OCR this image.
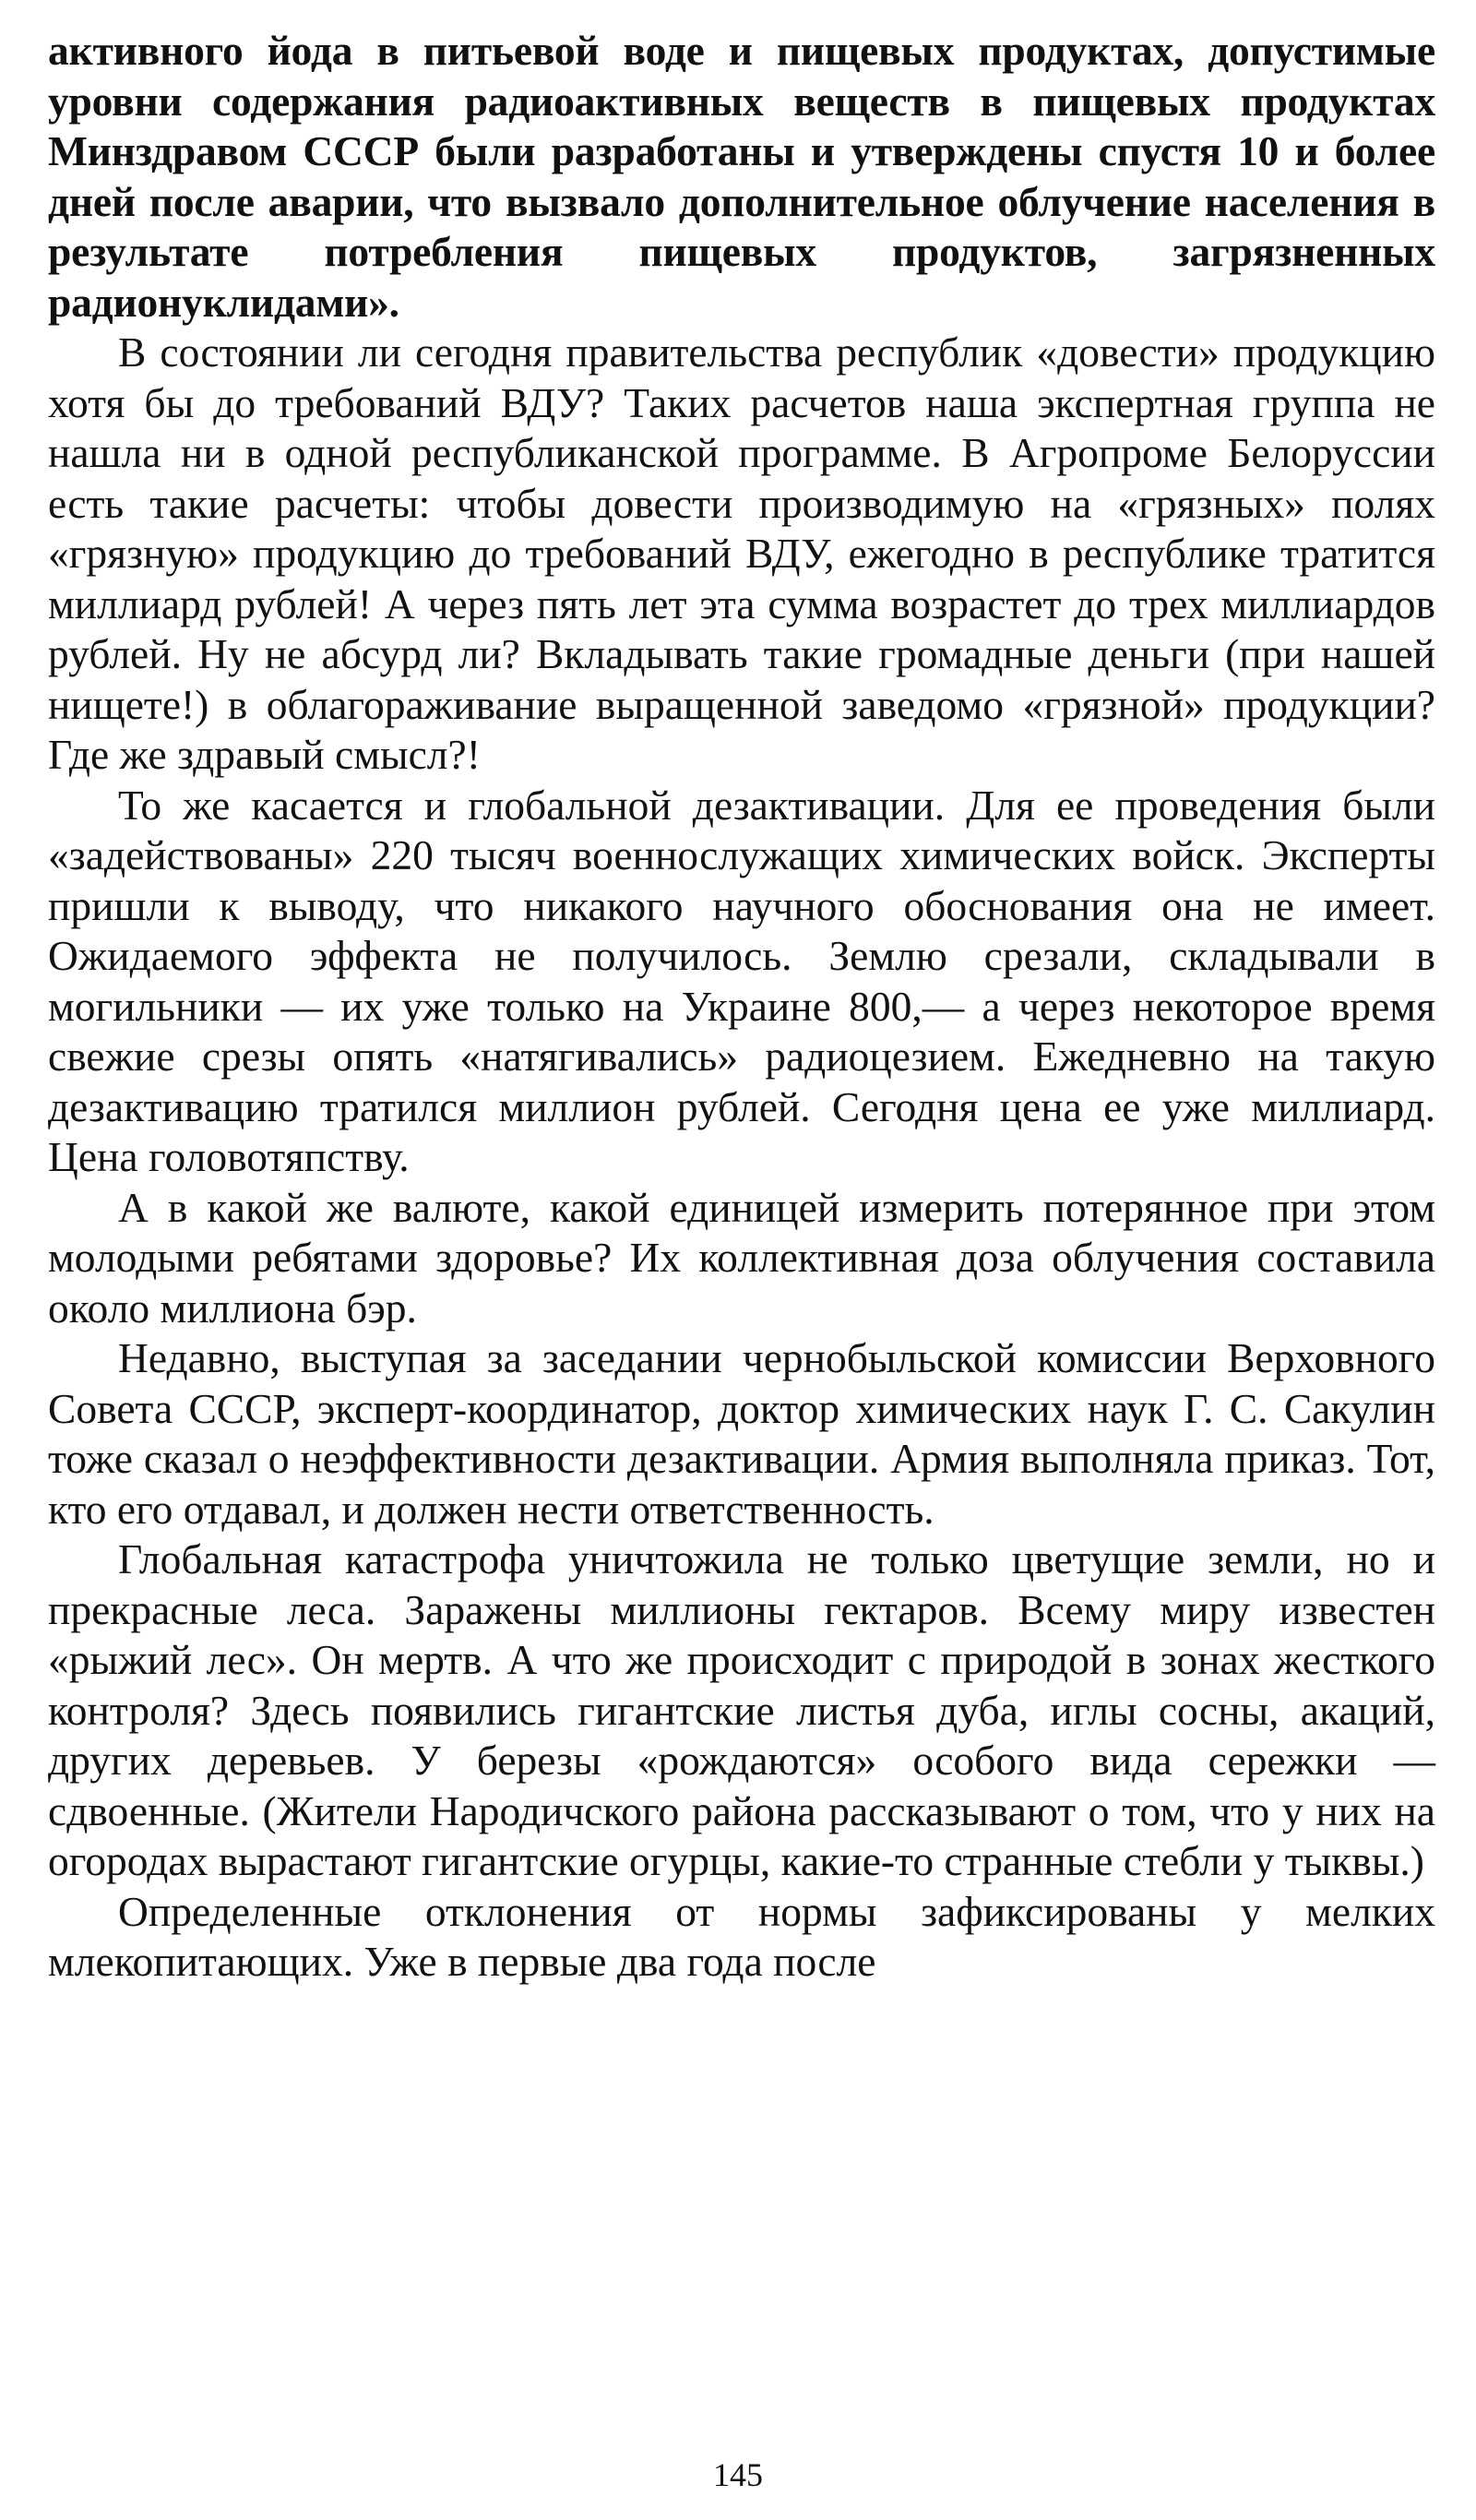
активного йода в питьевой воде и пищевых продуктах, допустимые уровни содержания радиоактивных веществ в пищевых продуктах Минздравом СССР были разработаны и утверждены спустя 10 и более дней после аварии, что вызвало дополнительное облучение населения в результате потребления пищевых продуктов, загрязненных радионуклидами».

В состоянии ли сегодня правительства республик «довести» продукцию хотя бы до требований ВДУ? Таких расчетов наша экспертная группа не нашла ни в одной республиканской программе. В Агропроме Белоруссии есть такие расчеты: чтобы довести производимую на «грязных» полях «грязную» продукцию до требований ВДУ, ежегодно в республике тратится миллиард рублей! А через пять лет эта сумма возрастет до трех миллиардов рублей. Ну не абсурд ли? Вкладывать такие громадные деньги (при нашей нищете!) в облагораживание выращенной заведомо «грязной» продукции? Где же здравый смысл?!

То же касается и глобальной дезактивации. Для ее проведения были «задействованы» 220 тысяч военнослужащих химических войск. Эксперты пришли к выводу, что никакого научного обоснования она не имеет. Ожидаемого эффекта не получилось. Землю срезали, складывали в могильники — их уже только на Украине 800,— а через некоторое время свежие срезы опять «натягивались» радиоцезием. Ежедневно на такую дезактивацию тратился миллион рублей. Сегодня цена ее уже миллиард. Цена головотяпству.

А в какой же валюте, какой единицей измерить потерянное при этом молодыми ребятами здоровье? Их коллективная доза облучения составила около миллиона бэр.

Недавно, выступая за заседании чернобыльской комиссии Верховного Совета СССР, эксперт-координатор, доктор химических наук Г. С. Сакулин тоже сказал о неэффективности дезактивации. Армия выполняла приказ. Тот, кто его отдавал, и должен нести ответственность.

Глобальная катастрофа уничтожила не только цветущие земли, но и прекрасные леса. Заражены миллионы гектаров. Всему миру известен «рыжий лес». Он мертв. А что же происходит с природой в зонах жесткого контроля? Здесь появились гигантские листья дуба, иглы сосны, акаций, других деревьев. У березы «рождаются» особого вида сережки — сдвоенные. (Жители Народичского района рассказывают о том, что у них на огородах вырастают гигантские огурцы, какие-то странные стебли у тыквы.)

Определенные отклонения от нормы зафиксированы у мелких млекопитающих. Уже в первые два года после

145
